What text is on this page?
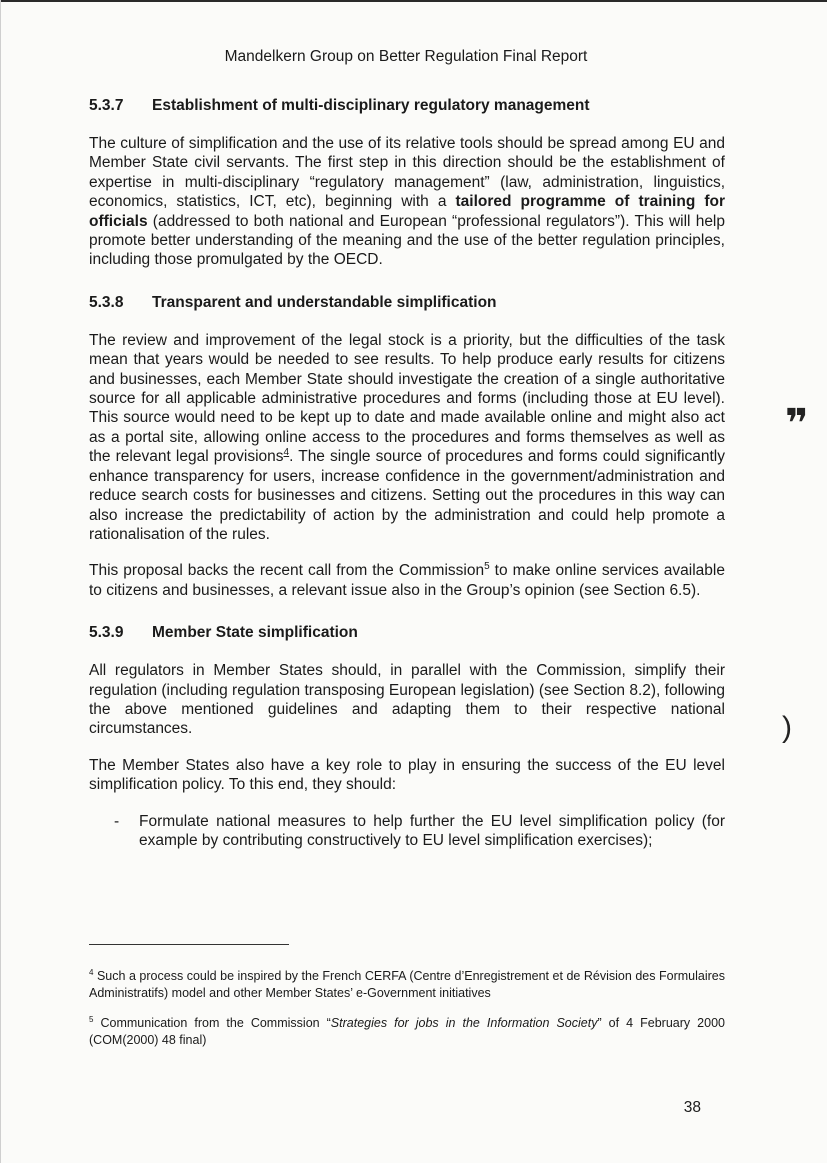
Mandelkern Group on Better Regulation Final Report
5.3.7 Establishment of multi-disciplinary regulatory management

The culture of simplification and the use of its relative tools should be spread among EU and Member State civil servants. The first step in this direction should be the establishment of expertise in multi-disciplinary “regulatory management” (law, administration, linguistics, economics, statistics, ICT, etc), beginning with a tailored programme of training for officials (addressed to both national and European “professional regulators”). This will help promote better understanding of the meaning and the use of the better regulation principles, including those promulgated by the OECD.

5.3.8 Transparent and understandable simplification

The review and improvement of the legal stock is a priority, but the difficulties of the task mean that years would be needed to see results. To help produce early results for citizens and businesses, each Member State should investigate the creation of a single authoritative source for all applicable administrative procedures and forms (including those at EU level). This source would need to be kept up to date and made available online and might also act as a portal site, allowing online access to the procedures and forms themselves as well as the relevant legal provisions$^4$. The single source of procedures and forms could significantly enhance transparency for users, increase confidence in the government/administration and reduce search costs for businesses and citizens. Setting out the procedures in this way can also increase the predictability of action by the administration and could help promote a rationalisation of the rules.

This proposal backs the recent call from the Commission$^5$ to make online services available to citizens and businesses, a relevant issue also in the Group’s opinion (see Section 6.5).

5.3.9 Member State simplification

All regulators in Member States should, in parallel with the Commission, simplify their regulation (including regulation transposing European legislation) (see Section 8.2), following the above mentioned guidelines and adapting them to their respective national circumstances.

The Member States also have a key role to play in ensuring the success of the EU level simplification policy. To this end, they should:

- Formulate national measures to help further the EU level simplification policy (for example by contributing constructively to EU level simplification exercises);

$^4$ Such a process could be inspired by the French CERFA (Centre d’Enregistrement et de Révision des Formulaires Administratifs) model and other Member States’ e-Government initiatives

$^5$ Communication from the Commission “Strategies for jobs in the Information Society” of 4 February 2000 (COM(2000) 48 final)

38
❞
)
